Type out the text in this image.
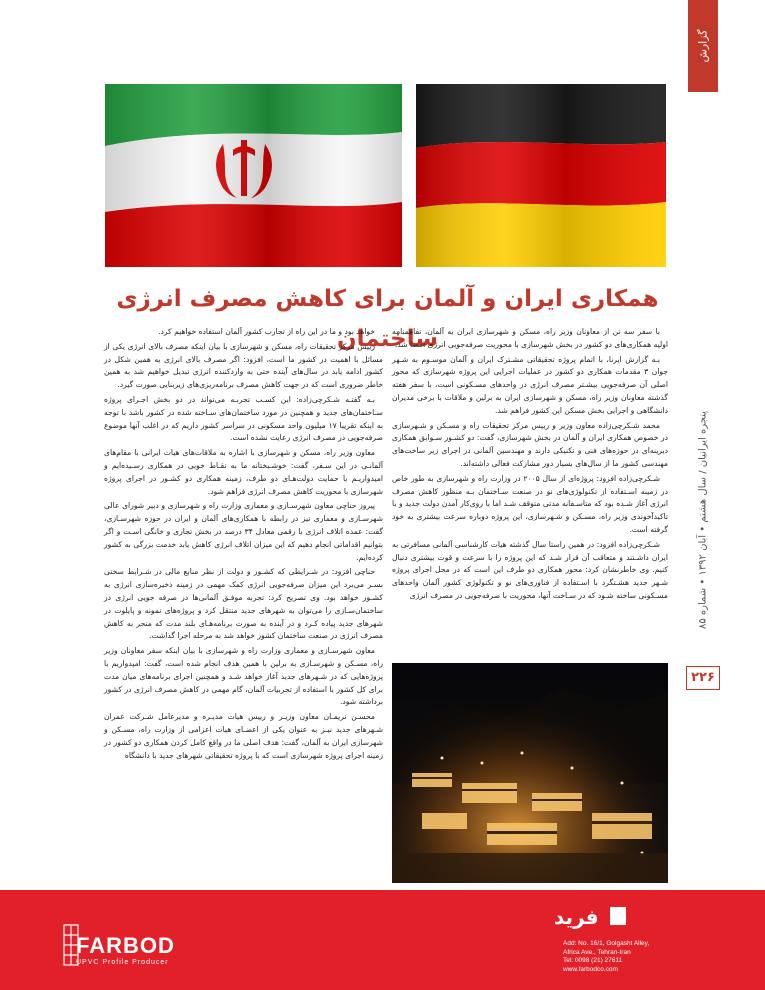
گزارش
پنجره ایرانیان / سال هشتم • آبان ۱۳۹۲ • شماره ۸۵
۲۲۶
همکاری ایران و آلمان برای کاهش مصرف انرژی ساختمان

با سفر سه تن از معاونان وزیر راه، مسکن و شهرسازی ایران به آلمان، تفاهمنامه اولیه همکاری‌های دو کشور در بخش شهرسازی با محوریت صرفه‌جویی انرژی امضا شد.

بـه گزارش ایرنا، با اتمام پروژه تحقیقاتی مشـترک ایران و آلمان موسـوم به شـهر جوان ۳ مقدمات همکاری دو کشور در عملیات اجرایی این پروژه شهرسازی که محور اصلی آن صرفه‌جویی بیشـتر مصرف انرژی در واحدهای مسـکونی است، با سفر هفته گذشته معاونان وزیر راه، مسکن و شهرسازی ایران به برلین و ملاقات با برخی مدیران دانشگاهی و اجرایی بخش مسکن این کشور فراهم شد.

محمد شـکرچی‌زاده معاون وزیر و رییس مرکز تحقیقات راه و مسـکن و شـهرسازی در خصوص همکاری ایران و آلمان در بخش شهرسازی، گفت: دو کشـور سـوابق همکاری دیرینه‌ای در حوزه‌های فنی و تکنیکی دارند و مهندسین آلمانی در اجرای زیر ساخت‌های مهندسی کشور ما از سال‌های بسیار دور مشارکت فعالی داشته‌اند.

شـکرچی‌زاده افزود: پروژه‌ای از سال ۲۰۰۵ در وزارت راه و شهرسازی به طور خاص در زمینه اسـتفاده از تکنولوژی‌های نو در صنعت سـاختمان بـه منظور کاهش مصرف انرژی آغاز شـده بود که متاسـفانه مدتی متوقف شـد اما با روی‌کار آمدن دولت جدید و با تاکیدآخوندی وزیر راه، مسـکن و شـهرسازی، این پروژه دوباره سرعت بیشتری به خود گرفته است.

شـکرچی‌زاده افزود: در همین راستا سال گذشته هیات کارشناسی آلمانی مسافرتی به ایران داشـتند و متعاقب آن قرار شـد که این پروژه را با سرعت و قوت بیشتری دنبال کنیم. وی خاطرنشان کرد: محور همکاری دو طرف این است که در محل اجرای پروژه شـهر جدید هشـتگرد با اسـتفاده از فناوری‌های نو و تکنولوژی کشور آلمان واحدهای مسـکونی ساخته شـود که در سـاخت آنها، محوریت با صرفه‌جویی در مصرف انرژی

خواهد بود و ما در این راه از تجارب کشور آلمان استفاده خواهیم کرد.

رییس مرکز تحقیقات راه، مسکن و شهرسازی با بیان اینکه مصرف بالای انرژی یکی از مسائل با اهمیت در کشور ما است، افزود: اگر مصرف بالای انرژی به همین شکل در کشور ادامه یابد در سال‌های آینده حتی به واردکننده انرژی تبدیل خواهیم شد به همین خاطر ضروری است که در جهت کاهش مصرف برنامه‌ریزی‌های زیربنایی صورت گیرد.

بـه گفتـه شـکرچی‌زاده: این کسـب تجربـه می‌تواند در دو بخش اجـرای پروژه سـاختمان‌های جدید و همچنین در مورد ساختمان‌های سـاخته شده در کشور باشد با توجه به اینکه تقریبا ۱۷ میلیون واحد مسکونی در سراسر کشور داریم که در اغلب آنها موضوع صرفه‌جویی در مصرف انرژی رعایت نشده است.

معاون وزیر راه، مسکن و شهرسازی با اشاره به ملاقات‌های هیات ایرانی با مقام‌های آلمانـی در این سـفر، گفت: خوشـبختانه ما به نقـاط خوبی در همکاری رسـیده‌ایم و امیدواریـم با حمایت دولت‌هـای دو طرف، زمینه همکاری دو کشـور در اجرای پروژه شهرسازی با محوریت کاهش مصرف انرژی فراهم شود.

پیروز حناچی معاون شهرسـازی و معماری وزارت راه و شهرسازی و دبیر شورای عالی شهرسـازی و معماری نیز در رابطه با همکاری‌های آلمان و ایران در حوزه شهرسـازی، گفت: عمده اتلاف انرژی با رقمی معادل ۳۴ درصد در بخش تجاری و خانگی اسـت و اگر بتوانیم اقداماتی انجام دهیم که این میزان اتلاف انرژی کاهش یابد خدمت بزرگی به کشور کرده‌ایم.

حناچی افزود: در شـرایطی که کشـور و دولت از نظر منابع مالی در شـرایط سختی بسـر می‌برد این میزان صرفه‌جویی انرژی کمک مهمی در زمینه ذخیره‌سازی انرژی به کشـور خواهد بود. وی تصریح کرد: تجربه موفـق آلمانی‌ها در صرفه جویی انرژی در ساختمان‌سـازی را می‌توان به شهرهای جدید منتقل کرد و پروژه‌های نمونه و پایلوت در شهرهای جدید پیاده کـرد و در آینده به صورت برنامه‌هـای بلند مدت که منجر به کاهش مصرف انرژی در صنعت ساختمان کشور خواهد شد به مرحله اجرا گذاشت.

معاون شهرسـازی و معماری وزارت راه و شهرسازی با بیان اینکه سفر معاونان وزیر راه، مسـکن و شهرسـازی به برلین با همین هدف انجام شده است، گفت: امیدواریم با پروژه‌هایی که در شـهرهای جدید آغاز خواهد شـد و همچنین اجرای برنامه‌های میان مدت برای کل کشور با استفاده از تجربیات آلمان، گام مهمی در کاهش مصرف انرژی در کشور برداشته شود.

محسـن نریمـان معاون وزیـر و رییس هیات مدیـره و مدیرعامل شـرکت عمران شـهرهای جدید نیـز به عنوان یکی از اعضـای هیات اعزامی از وزارت راه، مسـکن و شهرسازی ایران به آلمان، گفت: هدف اصلی ما در واقع کامل کردن همکاری دو کشور در زمینه اجرای پروژه شهرسازی است که با پروژه تحقیقاتی شهرهای جدید با دانشگاه

FARBOD
UPVC Profile Producer
فرید
Add: No. 16/1, Golgasht Alley,
Africa Ave., Tehran-Iran
Tel: 0098 (21) 27611
www.farbodco.com
